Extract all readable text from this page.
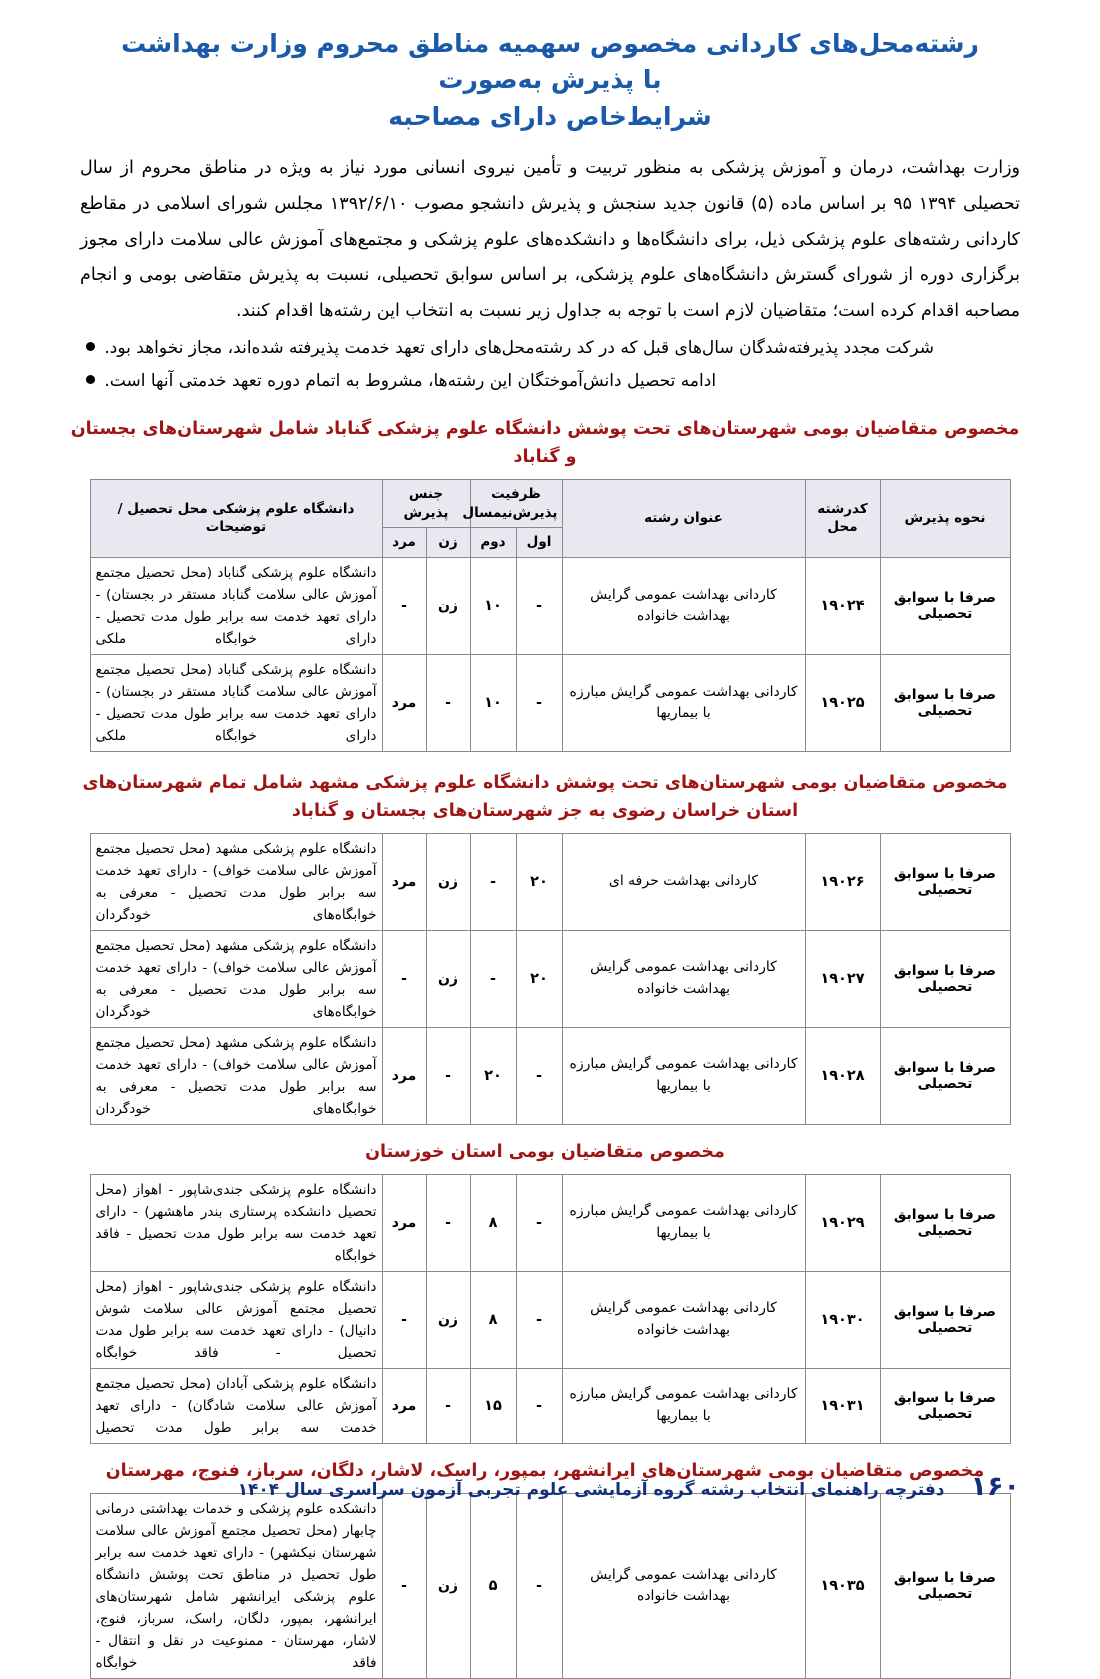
رشته‌محل‌های کاردانی مخصوص سهمیه مناطق محروم وزارت بهداشت با پذیرش به‌صورت
شرایط‌خاص دارای مصاحبه

وزارت بهداشت، درمان و آموزش پزشکی به منظور تربیت و تأمین نیروی انسانی مورد نیاز به ویژه در مناطق محروم از سال تحصیلی ۱۳۹۴ ۹۵ بر اساس ماده (۵) قانون جدید سنجش و پذیرش دانشجو مصوب ۱۳۹۲/۶/۱۰ مجلس شورای اسلامی در مقاطع کاردانی رشته‌های علوم پزشکی ذیل، برای دانشگاه‌ها و دانشکده‌های علوم پزشکی و مجتمع‌های آموزش عالی سلامت دارای مجوز برگزاری دوره از شورای گسترش دانشگاه‌های علوم پزشکی، بر اساس سوابق تحصیلی، نسبت به پذیرش متقاضی بومی و انجام مصاحبه اقدام کرده است؛ متقاضیان لازم است با توجه به جداول زیر نسبت به انتخاب این رشته‌ها اقدام کنند.

شرکت مجدد پذیرفته‌شدگان سال‌های قبل که در کد رشته‌محل‌های دارای تعهد خدمت پذیرفته شده‌اند، مجاز نخواهد بود.
ادامه تحصیل دانش‌آموختگان این رشته‌ها، مشروط به اتمام دوره تعهد خدمتی آنها است.
مخصوص متقاضیان بومی شهرستان‌های تحت پوشش دانشگاه علوم پزشکی گناباد شامل شهرستان‌های بجستان و گناباد
نحوه پذیرش	کدرشته
محل	عنوان رشته	ظرفیت
پذیرش‌نیمسال		جنس پذیرش		دانشگاه علوم پزشکی محل تحصیل / توضیحات
			اول	دوم	زن	مرد	
صرفا با سوابق تحصیلی	۱۹۰۲۴	کاردانی بهداشت عمومی گرایش بهداشت خانواده	-	۱۰	زن	-	دانشگاه علوم پزشکی گناباد (محل تحصیل مجتمع آموزش عالی سلامت گناباد مستقر در بجستان) - دارای تعهد خدمت سه برابر طول مدت تحصیل - دارای خوابگاه ملکی
صرفا با سوابق تحصیلی	۱۹۰۲۵	کاردانی بهداشت عمومی گرایش مبارزه با بیماریها	-	۱۰	-	مرد	دانشگاه علوم پزشکی گناباد (محل تحصیل مجتمع آموزش عالی سلامت گناباد مستقر در بجستان) - دارای تعهد خدمت سه برابر طول مدت تحصیل - دارای خوابگاه ملکی
مخصوص متقاضیان بومی شهرستان‌های تحت پوشش دانشگاه علوم پزشکی مشهد شامل تمام شهرستان‌های استان خراسان رضوی به جز شهرستان‌های بجستان و گناباد
صرفا با سوابق تحصیلی	۱۹۰۲۶	کاردانی بهداشت حرفه ای	۲۰	-	زن	مرد	دانشگاه علوم پزشکی مشهد (محل تحصیل مجتمع آموزش عالی سلامت خواف) - دارای تعهد خدمت سه برابر طول مدت تحصیل - معرفی به خوابگاه‌های خودگردان
صرفا با سوابق تحصیلی	۱۹۰۲۷	کاردانی بهداشت عمومی گرایش بهداشت خانواده	۲۰	-	زن	-	دانشگاه علوم پزشکی مشهد (محل تحصیل مجتمع آموزش عالی سلامت خواف) - دارای تعهد خدمت سه برابر طول مدت تحصیل - معرفی به خوابگاه‌های خودگردان
صرفا با سوابق تحصیلی	۱۹۰۲۸	کاردانی بهداشت عمومی گرایش مبارزه با بیماریها	-	۲۰	-	مرد	دانشگاه علوم پزشکی مشهد (محل تحصیل مجتمع آموزش عالی سلامت خواف) - دارای تعهد خدمت سه برابر طول مدت تحصیل - معرفی به خوابگاه‌های خودگردان
مخصوص متقاضیان بومی استان خوزستان
صرفا با سوابق تحصیلی	۱۹۰۲۹	کاردانی بهداشت عمومی گرایش مبارزه با بیماریها	-	۸	-	مرد	دانشگاه علوم پزشکی جندی‌شاپور - اهواز (محل تحصیل دانشکده پرستاری بندر ماهشهر) - دارای تعهد خدمت سه برابر طول مدت تحصیل - فاقد خوابگاه
صرفا با سوابق تحصیلی	۱۹۰۳۰	کاردانی بهداشت عمومی گرایش بهداشت خانواده	-	۸	زن	-	دانشگاه علوم پزشکی جندی‌شاپور - اهواز (محل تحصیل مجتمع آموزش عالی سلامت شوش دانیال) - دارای تعهد خدمت سه برابر طول مدت تحصیل - فاقد خوابگاه
صرفا با سوابق تحصیلی	۱۹۰۳۱	کاردانی بهداشت عمومی گرایش مبارزه با بیماریها	-	۱۵	-	مرد	دانشگاه علوم پزشکی آبادان (محل تحصیل مجتمع آموزش عالی سلامت شادگان) - دارای تعهد خدمت سه برابر طول مدت تحصیل
مخصوص متقاضیان بومی شهرستان‌های ایرانشهر، بمپور، راسک، لاشار، دلگان، سرباز، فنوج، مهرستان
صرفا با سوابق تحصیلی	۱۹۰۳۵	کاردانی بهداشت عمومی گرایش بهداشت خانواده	-	۵	زن	-	دانشکده علوم پزشکی و خدمات بهداشتی درمانی چابهار (محل تحصیل مجتمع آموزش عالی سلامت شهرستان نیکشهر) - دارای تعهد خدمت سه برابر طول تحصیل در مناطق تحت پوشش دانشگاه علوم پزشکی ایرانشهر شامل شهرستان‌های ایرانشهر، بمپور، دلگان، راسک، سرباز، فنوج، لاشار، مهرستان - ممنوعیت در نقل و انتقال - فاقد خوابگاه
دفترچه راهنمای انتخاب رشته گروه آزمایشی علوم تجربی آزمون سراسری سال ۱۴۰۴ ۱۶۰
